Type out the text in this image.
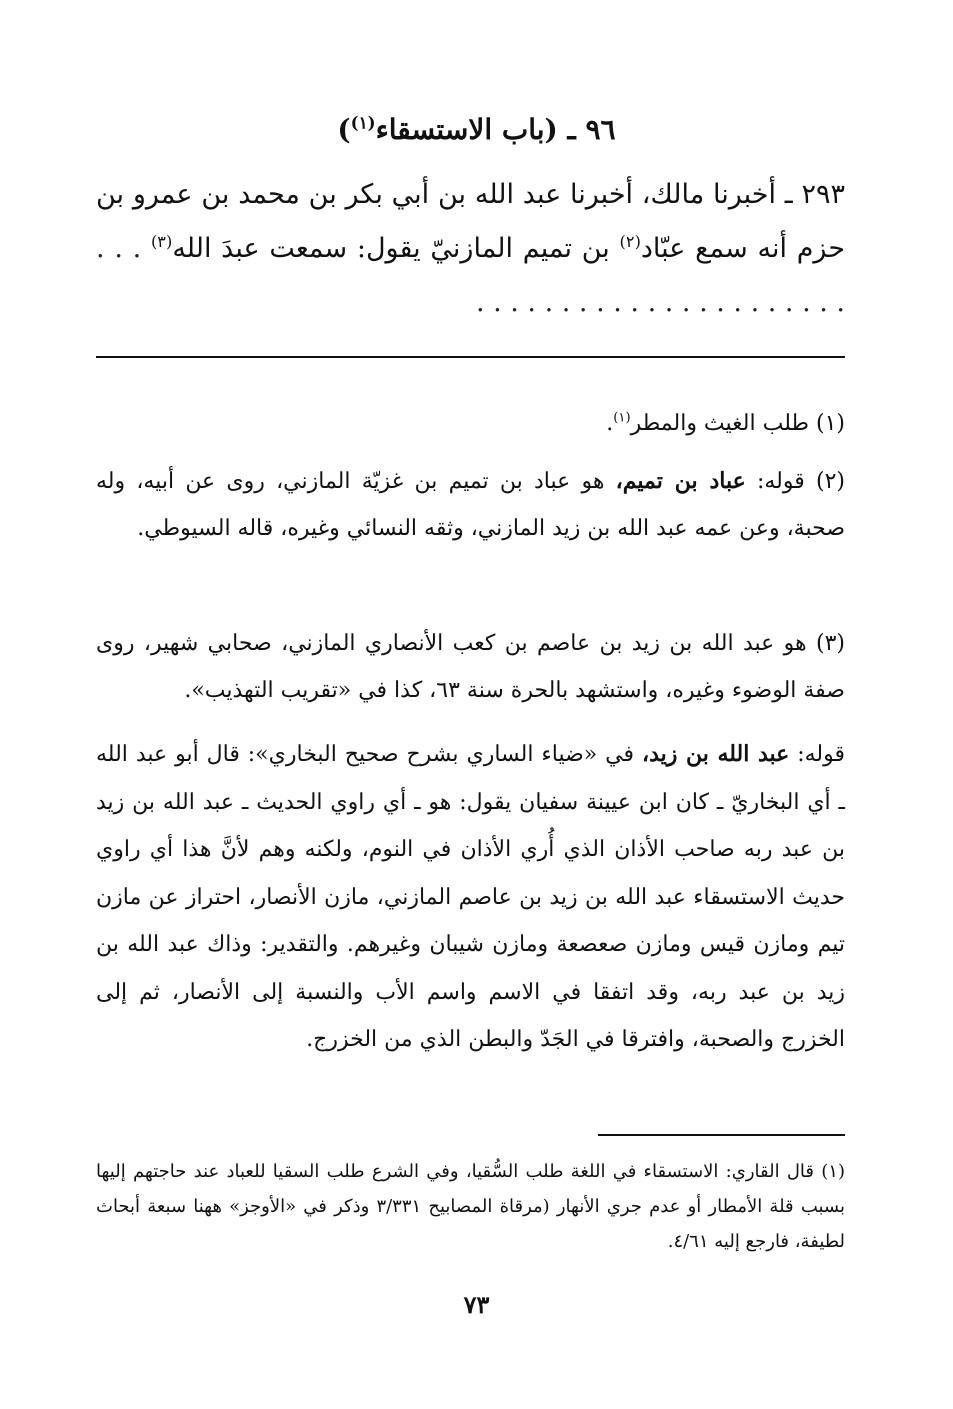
٩٦ ـ (باب الاستسقاء$^{(١)}$)

٢٩٣ ـ أخبرنا مالك، أخبرنا عبد الله بن أبي بكر بن محمد بن عمرو بن حزم أنه سمع عبّاد$^{(٢)}$ بن تميم المازنيّ يقول: سمعت عبدَ الله$^{(٣)}$ . . . . . . . . . . . . . . . . . . . . . . . . .

(١) طلب الغيث والمطر$^{(١)}$.

(٢) قوله: عباد بن تميم، هو عباد بن تميم بن غزيّة المازني، روى عن أبيه، وله صحبة، وعن عمه عبد الله بن زيد المازني، وثقه النسائي وغيره، قاله السيوطي.

(٣) هو عبد الله بن زيد بن عاصم بن كعب الأنصاري المازني، صحابي شهير، روى صفة الوضوء وغيره، واستشهد بالحرة سنة ٦٣، كذا في «تقريب التهذيب».

قوله: عبد الله بن زيد، في «ضياء الساري بشرح صحيح البخاري»: قال أبو عبد الله ـ أي البخاريّ ـ كان ابن عيينة سفيان يقول: هو ـ أي راوي الحديث ـ عبد الله بن زيد بن عبد ربه صاحب الأذان الذي أُري الأذان في النوم، ولكنه وهم لأنَّ هذا أي راوي حديث الاستسقاء عبد الله بن زيد بن عاصم المازني، مازن الأنصار، احتراز عن مازن تيم ومازن قيس ومازن صعصعة ومازن شيبان وغيرهم. والتقدير: وذاك عبد الله بن زيد بن عبد ربه، وقد اتفقا في الاسم واسم الأب والنسبة إلى الأنصار، ثم إلى الخزرج والصحبة، وافترقا في الجَدّ والبطن الذي من الخزرج.

(١) قال القاري: الاستسقاء في اللغة طلب السُّقيا، وفي الشرع طلب السقيا للعباد عند حاجتهم إليها بسبب قلة الأمطار أو عدم جري الأنهار (مرقاة المصابيح ٣/٣٣١ وذكر في «الأوجز» ههنا سبعة أبحاث لطيفة، فارجع إليه ٤/٦١.

٧٣
